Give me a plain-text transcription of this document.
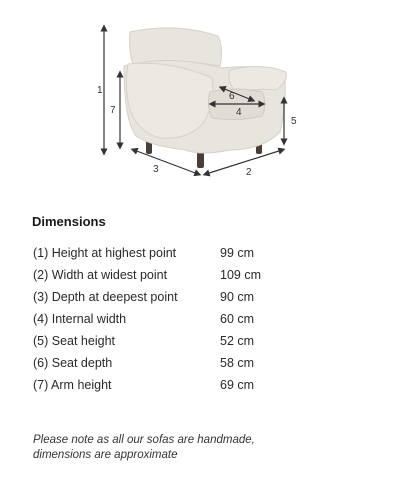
1
7
6
4
5
3	2
Dimensions
(1) Height at highest point	99 cm
(2) Width at widest point	109 cm
(3) Depth at deepest point	90 cm
(4) Internal width	60 cm
(5) Seat height	52 cm
(6) Seat depth	58 cm
(7) Arm height	69 cm
Please note as all our sofas are handmade,
dimensions are approximate
